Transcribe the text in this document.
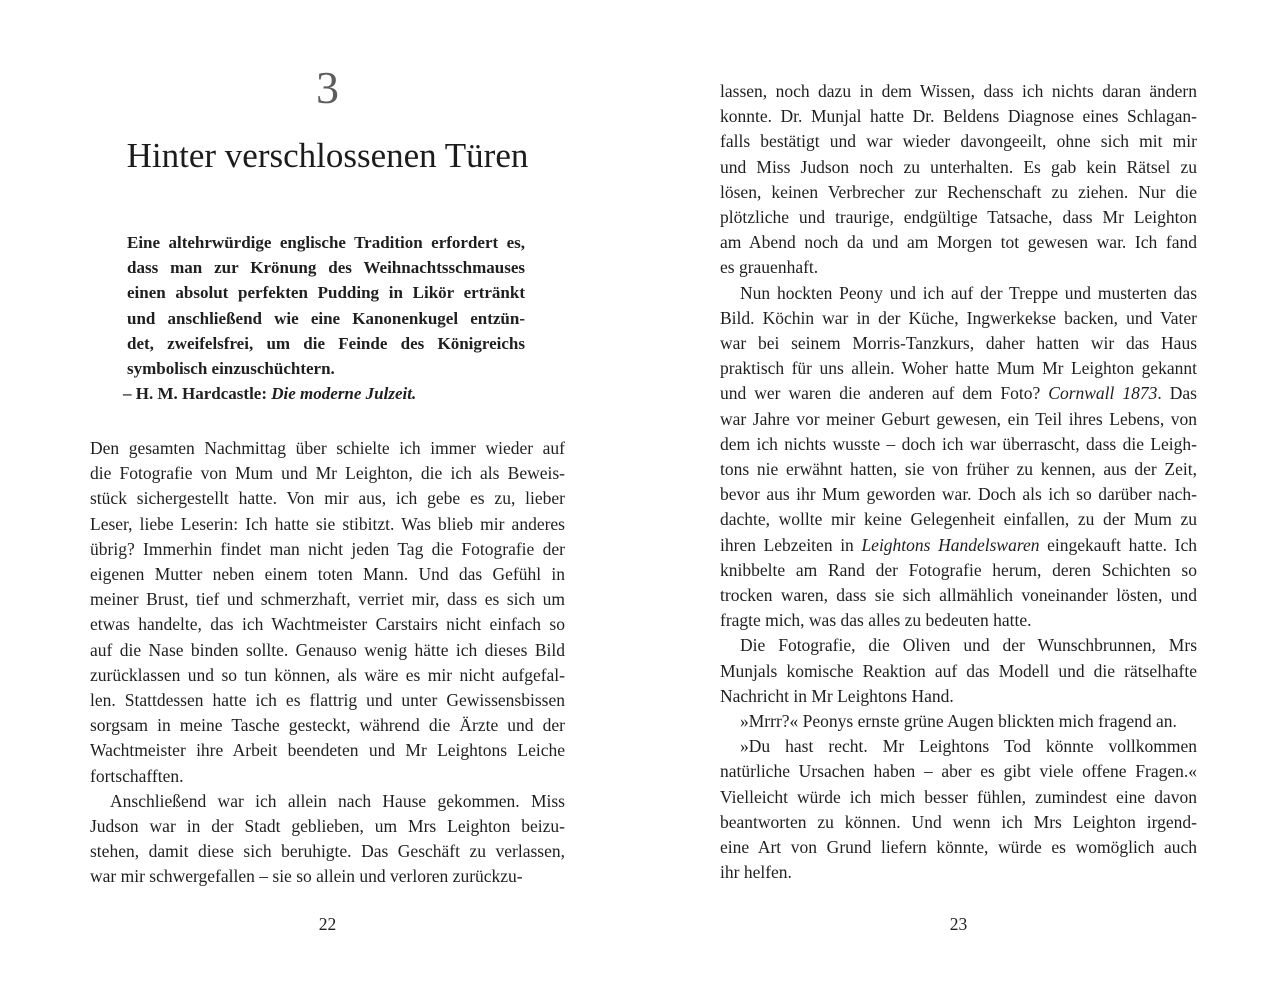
3
Hinter verschlossenen Türen
Eine altehrwürdige englische Tradition erfordert es,
dass man zur Krönung des Weihnachtsschmauses
einen absolut perfekten Pudding in Likör ertränkt
und anschließend wie eine Kanonenkugel entzün-
det, zweifelsfrei, um die Feinde des Königreichs
symbolisch einzuschüchtern.
– H. M. Hardcastle: Die moderne Julzeit.
Den gesamten Nachmittag über schielte ich immer wieder auf
die Fotografie von Mum und Mr Leighton, die ich als Beweis-
stück sichergestellt hatte. Von mir aus, ich gebe es zu, lieber
Leser, liebe Leserin: Ich hatte sie stibitzt. Was blieb mir anderes
übrig? Immerhin findet man nicht jeden Tag die Fotografie der
eigenen Mutter neben einem toten Mann. Und das Gefühl in
meiner Brust, tief und schmerzhaft, verriet mir, dass es sich um
etwas handelte, das ich Wachtmeister Carstairs nicht einfach so
auf die Nase binden sollte. Genauso wenig hätte ich dieses Bild
zurücklassen und so tun können, als wäre es mir nicht aufgefal-
len. Stattdessen hatte ich es flattrig und unter Gewissensbissen
sorgsam in meine Tasche gesteckt, während die Ärzte und der
Wachtmeister ihre Arbeit beendeten und Mr Leightons Leiche
fortschafften.
Anschließend war ich allein nach Hause gekommen. Miss
Judson war in der Stadt geblieben, um Mrs Leighton beizu-
stehen, damit diese sich beruhigte. Das Geschäft zu verlassen,
war mir schwergefallen – sie so allein und verloren zurückzu-
22
lassen, noch dazu in dem Wissen, dass ich nichts daran ändern
konnte. Dr. Munjal hatte Dr. Beldens Diagnose eines Schlagan-
falls bestätigt und war wieder davongeeilt, ohne sich mit mir
und Miss Judson noch zu unterhalten. Es gab kein Rätsel zu
lösen, keinen Verbrecher zur Rechenschaft zu ziehen. Nur die
plötzliche und traurige, endgültige Tatsache, dass Mr Leighton
am Abend noch da und am Morgen tot gewesen war. Ich fand
es grauenhaft.
Nun hockten Peony und ich auf der Treppe und musterten das
Bild. Köchin war in der Küche, Ingwerkekse backen, und Vater
war bei seinem Morris-Tanzkurs, daher hatten wir das Haus
praktisch für uns allein. Woher hatte Mum Mr Leighton gekannt
und wer waren die anderen auf dem Foto? Cornwall 1873. Das
war Jahre vor meiner Geburt gewesen, ein Teil ihres Lebens, von
dem ich nichts wusste – doch ich war überrascht, dass die Leigh-
tons nie erwähnt hatten, sie von früher zu kennen, aus der Zeit,
bevor aus ihr Mum geworden war. Doch als ich so darüber nach-
dachte, wollte mir keine Gelegenheit einfallen, zu der Mum zu
ihren Lebzeiten in Leightons Handelswaren eingekauft hatte. Ich
knibbelte am Rand der Fotografie herum, deren Schichten so
trocken waren, dass sie sich allmählich voneinander lösten, und
fragte mich, was das alles zu bedeuten hatte.
Die Fotografie, die Oliven und der Wunschbrunnen, Mrs
Munjals komische Reaktion auf das Modell und die rätselhafte
Nachricht in Mr Leightons Hand.
»Mrrr?« Peonys ernste grüne Augen blickten mich fragend an.
»Du hast recht. Mr Leightons Tod könnte vollkommen
natürliche Ursachen haben – aber es gibt viele offene Fragen.«
Vielleicht würde ich mich besser fühlen, zumindest eine davon
beantworten zu können. Und wenn ich Mrs Leighton irgend-
eine Art von Grund liefern könnte, würde es womöglich auch
ihr helfen.
23
